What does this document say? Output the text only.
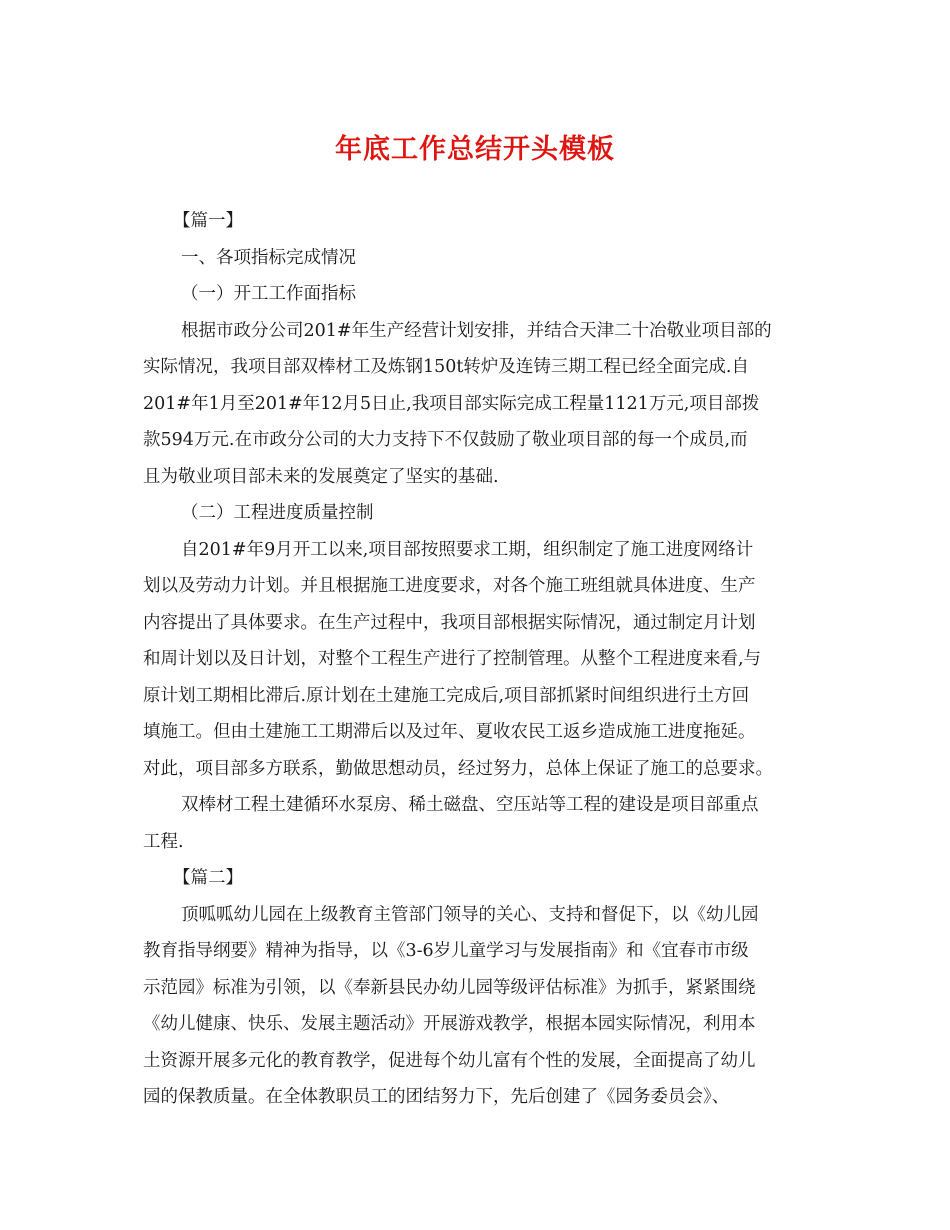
年底工作总结开头模板
【篇一】
一、各项指标完成情况
（一）开工工作面指标
根据市政分公司201#年生产经营计划安排，并结合天津二十冶敬业项目部的
实际情况，我项目部双棒材工及炼钢150t转炉及连铸三期工程已经全面完成.自
201#年1月至201#年12月5日止,我项目部实际完成工程量1121万元,项目部拨
款594万元.在市政分公司的大力支持下不仅鼓励了敬业项目部的每一个成员,而
且为敬业项目部未来的发展奠定了坚实的基础.
（二）工程进度质量控制
自201#年9月开工以来,项目部按照要求工期，组织制定了施工进度网络计
划以及劳动力计划。并且根据施工进度要求，对各个施工班组就具体进度、生产
内容提出了具体要求。在生产过程中，我项目部根据实际情况，通过制定月计划
和周计划以及日计划，对整个工程生产进行了控制管理。从整个工程进度来看,与
原计划工期相比滞后.原计划在土建施工完成后,项目部抓紧时间组织进行土方回
填施工。但由土建施工工期滞后以及过年、夏收农民工返乡造成施工进度拖延。
对此，项目部多方联系，勤做思想动员，经过努力，总体上保证了施工的总要求。
双棒材工程土建循环水泵房、稀土磁盘、空压站等工程的建设是项目部重点
工程.
【篇二】
顶呱呱幼儿园在上级教育主管部门领导的关心、支持和督促下，以《幼儿园
教育指导纲要》精神为指导，以《3-6岁儿童学习与发展指南》和《宜春市市级
示范园》标准为引领，以《奉新县民办幼儿园等级评估标准》为抓手，紧紧围绕
《幼儿健康、快乐、发展主题活动》开展游戏教学，根据本园实际情况，利用本
土资源开展多元化的教育教学，促进每个幼儿富有个性的发展，全面提高了幼儿
园的保教质量。在全体教职员工的团结努力下，先后创建了《园务委员会》、
